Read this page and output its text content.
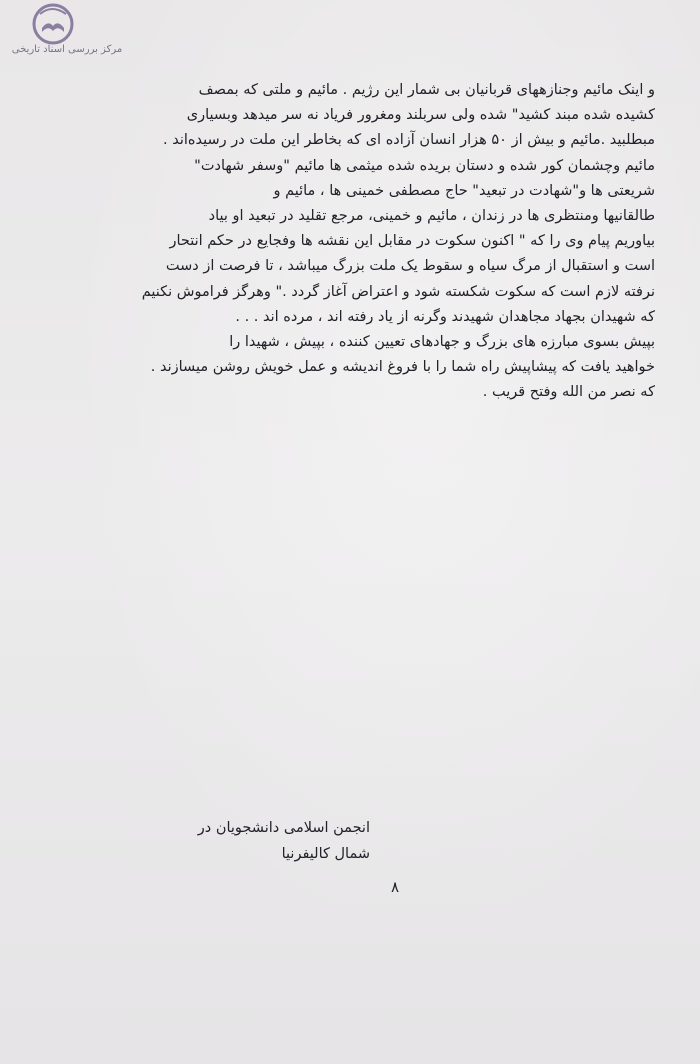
مرکز بررسی اسناد تاریخی

و اینک مائیم وجنازههای قربانیان بی شمار این رژیم . مائیم و ملتی که بمصف

کشیده شده مبند کشید" شده ولی سربلند ومغرور فریاد نه سر میدهد وبسیاری

مبطلبید .مائیم و بیش از ۵۰ هزار انسان آزاده ای که بخاطر این ملت در رسیده‌اند .

مائیم وچشمان کور شده و دستان بریده شده میثمی ها مائیم "وسفر شهادت"

شریعتی ها و"شهادت در تبعید" حاج مصطفی خمینی ها ، مائیم و

طالقانیها ومنتظری ها در زندان ، مائیم و خمینی، مرجع تقلید در تبعید او بیاد

بیاوریم پیام وی را که " اکنون سکوت در مقابل این نقشه ها وفجایع در حکم انتحار

است و استقبال از مرگ سیاه و سقوط یک ملت بزرگ میباشد ، تا فرصت از دست

نرفته لازم است که سکوت شکسته شود و اعتراض آغاز گردد ." وهرگز فراموش نکنیم

که شهیدان بجهاد مجاهدان شهیدند وگرنه از یاد رفته اند ، مرده اند . . .

بپیش بسوی مبارزه های بزرگ و جهادهای تعیین کننده ، بپیش ، شهیدا را

خواهید یافت که پیشاپیش راه شما را با فروغ اندیشه و عمل خویش روشن میسازند .

که نصر من الله وفتح قریب .

انجمن اسلامی دانشجویان در

شمال کالیفرنیا

۸
